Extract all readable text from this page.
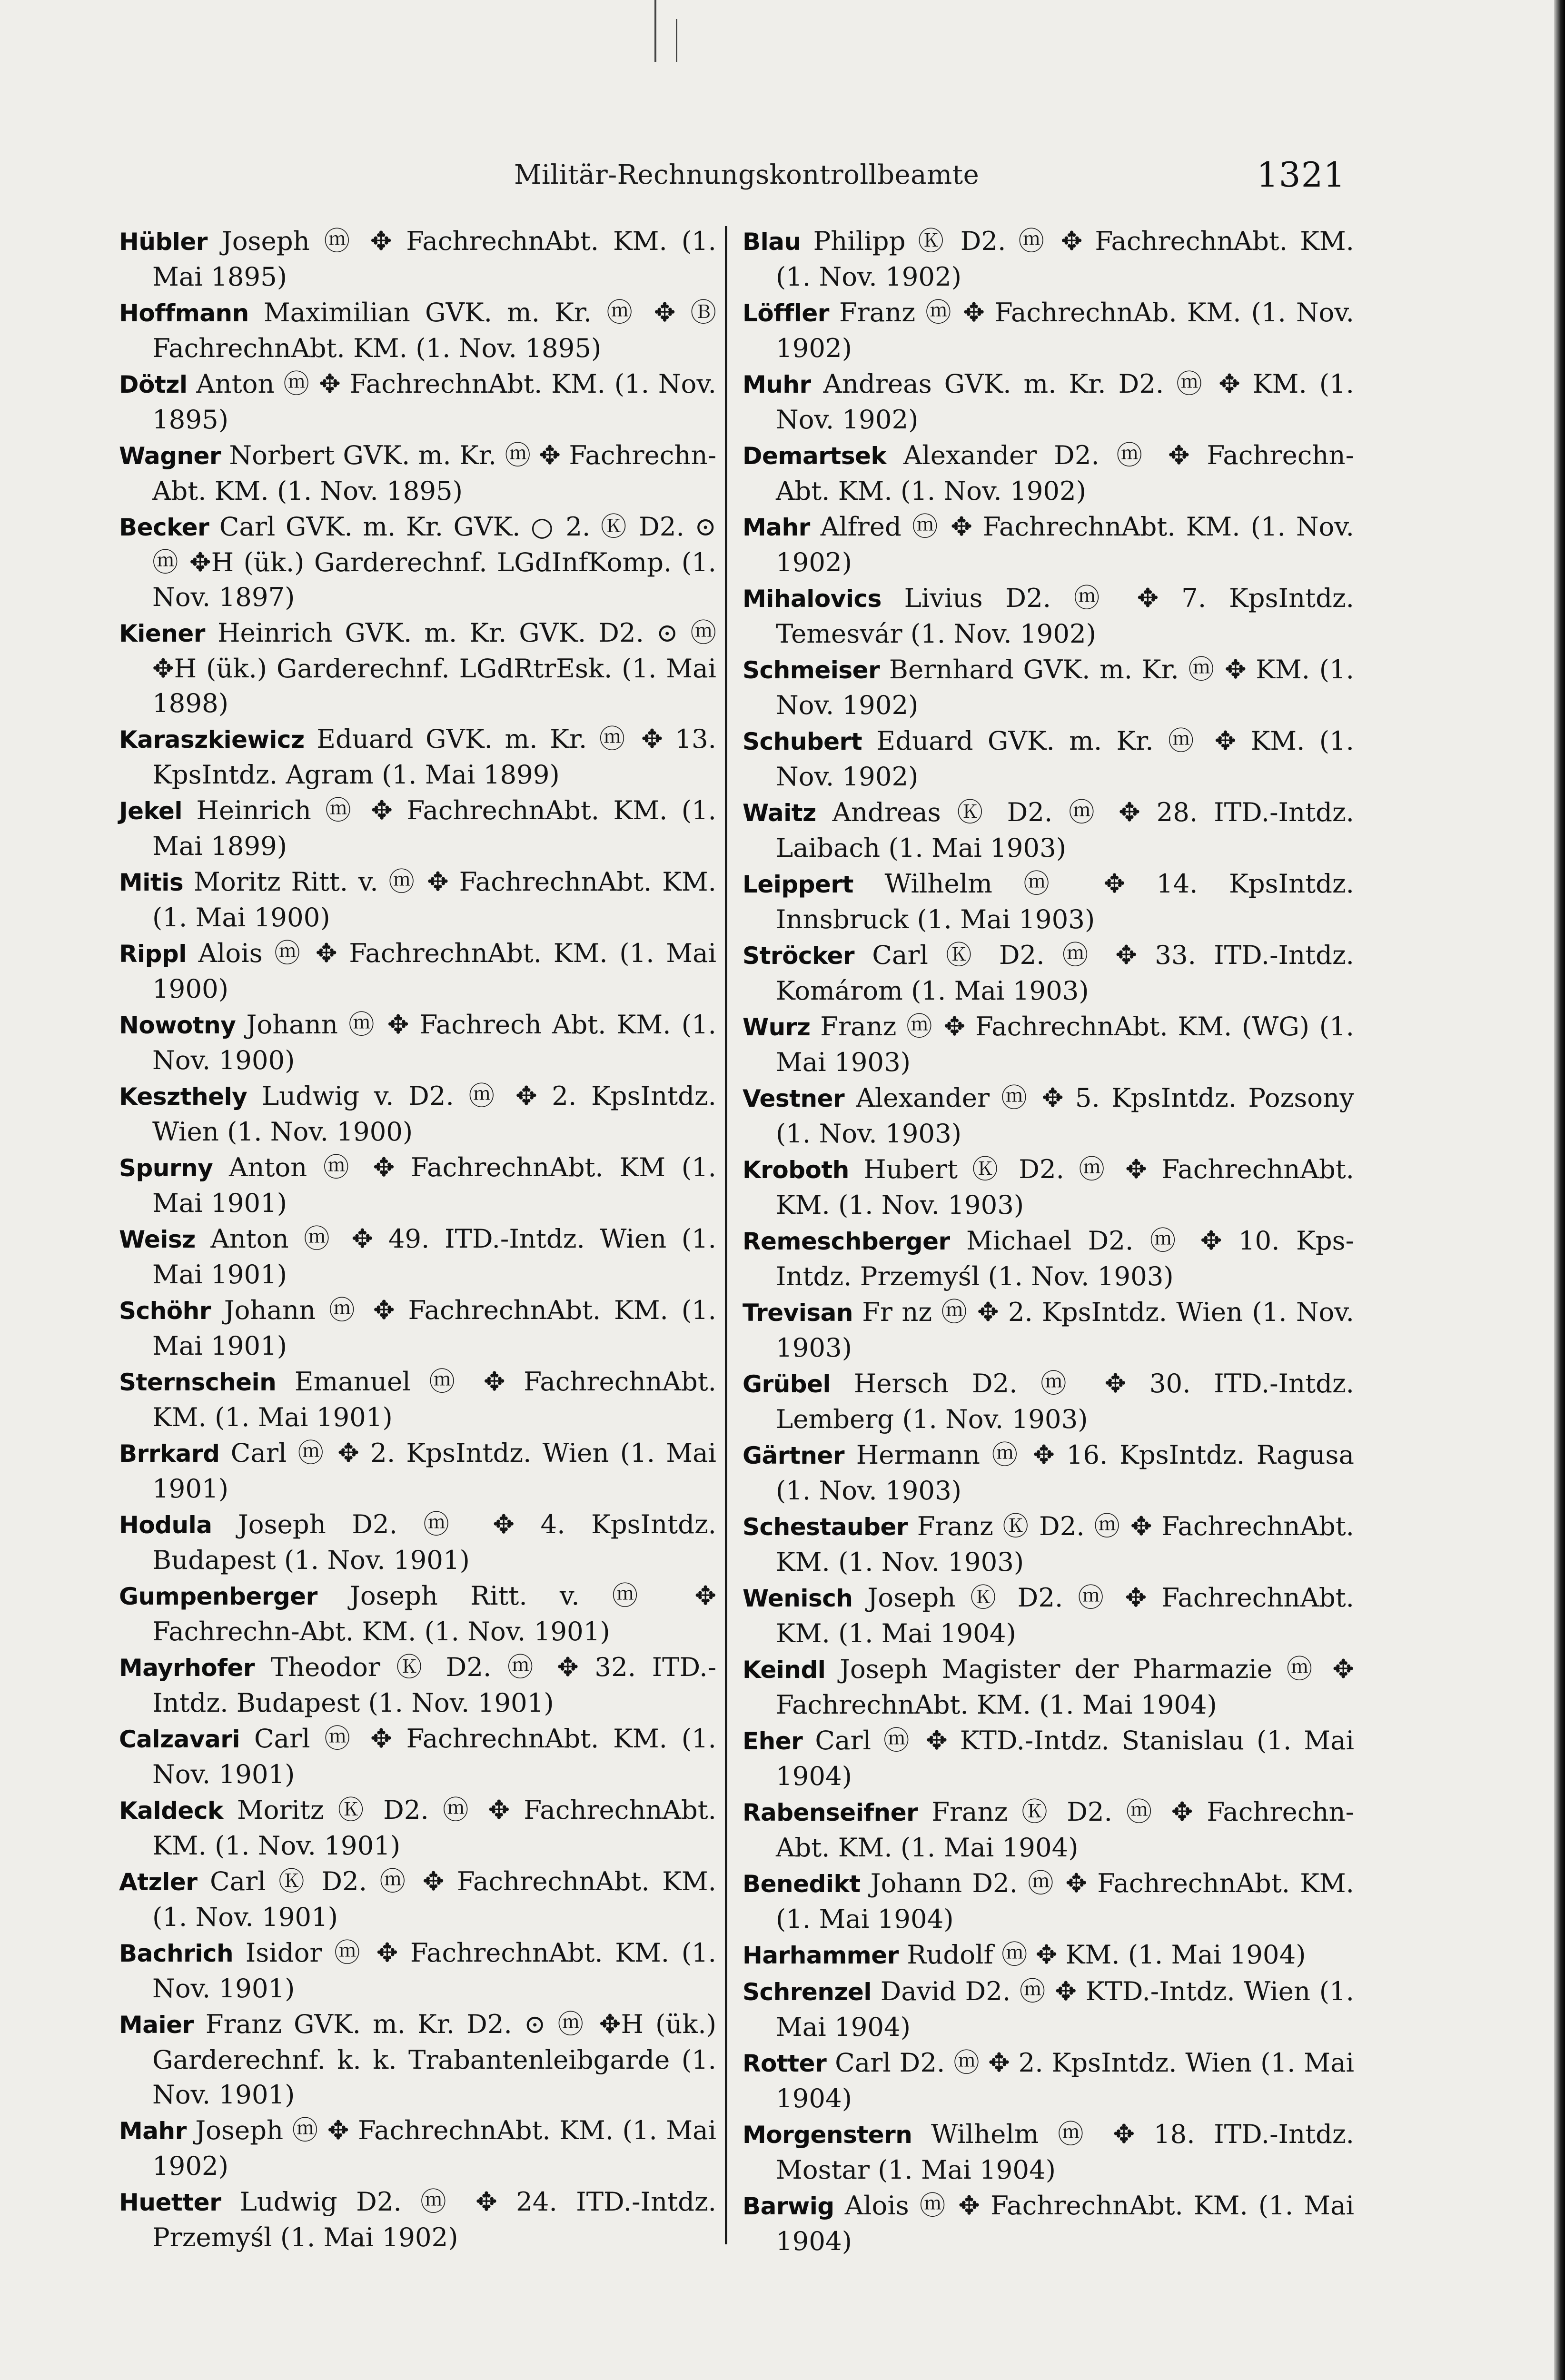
Militär-Rechnungskontrollbeamte	1321
Hübler Joseph ⓜ ✥ FachrechnAbt. KM. (1. Mai 1895)
Hoffmann Maximilian GVK. m. Kr. ⓜ ✥ Ⓑ FachrechnAbt. KM. (1. Nov. 1895)
Dötzl Anton ⓜ ✥ FachrechnAbt. KM. (1. Nov. 1895)
Wagner Norbert GVK. m. Kr. ⓜ ✥ Fachrechn-Abt. KM. (1. Nov. 1895)
Becker Carl GVK. m. Kr. GVK. ○ 2. Ⓚ D2. ⊙ ⓜ ✥H (ük.) Garderechnf. LGdInfKomp. (1. Nov. 1897)
Kiener Heinrich GVK. m. Kr. GVK. D2. ⊙ ⓜ ✥H (ük.) Garderechnf. LGdRtrEsk. (1. Mai 1898)
Karaszkiewicz Eduard GVK. m. Kr. ⓜ ✥ 13. KpsIntdz. Agram (1. Mai 1899)
Jekel Heinrich ⓜ ✥ FachrechnAbt. KM. (1. Mai 1899)
Mitis Moritz Ritt. v. ⓜ ✥ FachrechnAbt. KM. (1. Mai 1900)
Rippl Alois ⓜ ✥ FachrechnAbt. KM. (1. Mai 1900)
Nowotny Johann ⓜ ✥ Fachrech Abt. KM. (1. Nov. 1900)
Keszthely Ludwig v. D2. ⓜ ✥ 2. KpsIntdz. Wien (1. Nov. 1900)
Spurny Anton ⓜ ✥ FachrechnAbt. KM (1. Mai 1901)
Weisz Anton ⓜ ✥ 49. ITD.-Intdz. Wien (1. Mai 1901)
Schöhr Johann ⓜ ✥ FachrechnAbt. KM. (1. Mai 1901)
Sternschein Emanuel ⓜ ✥ FachrechnAbt. KM. (1. Mai 1901)
Brrkard Carl ⓜ ✥ 2. KpsIntdz. Wien (1. Mai 1901)
Hodula Joseph D2. ⓜ ✥ 4. KpsIntdz. Budapest (1. Nov. 1901)
Gumpenberger Joseph Ritt. v. ⓜ ✥ Fachrechn-Abt. KM. (1. Nov. 1901)
Mayrhofer Theodor Ⓚ D2. ⓜ ✥ 32. ITD.-Intdz. Budapest (1. Nov. 1901)
Calzavari Carl ⓜ ✥ FachrechnAbt. KM. (1. Nov. 1901)
Kaldeck Moritz Ⓚ D2. ⓜ ✥ FachrechnAbt. KM. (1. Nov. 1901)
Atzler Carl Ⓚ D2. ⓜ ✥ FachrechnAbt. KM. (1. Nov. 1901)
Bachrich Isidor ⓜ ✥ FachrechnAbt. KM. (1. Nov. 1901)
Maier Franz GVK. m. Kr. D2. ⊙ ⓜ ✥H (ük.) Garderechnf. k. k. Trabantenleibgarde (1. Nov. 1901)
Mahr Joseph ⓜ ✥ FachrechnAbt. KM. (1. Mai 1902)
Huetter Ludwig D2. ⓜ ✥ 24. ITD.-Intdz. Przemyśl (1. Mai 1902)
Blau Philipp Ⓚ D2. ⓜ ✥ FachrechnAbt. KM. (1. Nov. 1902)
Löffler Franz ⓜ ✥ FachrechnAb. KM. (1. Nov. 1902)
Muhr Andreas GVK. m. Kr. D2. ⓜ ✥ KM. (1. Nov. 1902)
Demartsek Alexander D2. ⓜ ✥ Fachrechn-Abt. KM. (1. Nov. 1902)
Mahr Alfred ⓜ ✥ FachrechnAbt. KM. (1. Nov. 1902)
Mihalovics Livius D2. ⓜ ✥ 7. KpsIntdz. Temesvár (1. Nov. 1902)
Schmeiser Bernhard GVK. m. Kr. ⓜ ✥ KM. (1. Nov. 1902)
Schubert Eduard GVK. m. Kr. ⓜ ✥ KM. (1. Nov. 1902)
Waitz Andreas Ⓚ D2. ⓜ ✥ 28. ITD.-Intdz. Laibach (1. Mai 1903)
Leippert Wilhelm ⓜ ✥ 14. KpsIntdz. Innsbruck (1. Mai 1903)
Ströcker Carl Ⓚ D2. ⓜ ✥ 33. ITD.-Intdz. Komárom (1. Mai 1903)
Wurz Franz ⓜ ✥ FachrechnAbt. KM. (WG) (1. Mai 1903)
Vestner Alexander ⓜ ✥ 5. KpsIntdz. Pozsony (1. Nov. 1903)
Kroboth Hubert Ⓚ D2. ⓜ ✥ FachrechnAbt. KM. (1. Nov. 1903)
Remeschberger Michael D2. ⓜ ✥ 10. Kps-Intdz. Przemyśl (1. Nov. 1903)
Trevisan Fr nz ⓜ ✥ 2. KpsIntdz. Wien (1. Nov. 1903)
Grübel Hersch D2. ⓜ ✥ 30. ITD.-Intdz. Lemberg (1. Nov. 1903)
Gärtner Hermann ⓜ ✥ 16. KpsIntdz. Ragusa (1. Nov. 1903)
Schestauber Franz Ⓚ D2. ⓜ ✥ FachrechnAbt. KM. (1. Nov. 1903)
Wenisch Joseph Ⓚ D2. ⓜ ✥ FachrechnAbt. KM. (1. Mai 1904)
Keindl Joseph Magister der Pharmazie ⓜ ✥ FachrechnAbt. KM. (1. Mai 1904)
Eher Carl ⓜ ✥ KTD.-Intdz. Stanislau (1. Mai 1904)
Rabenseifner Franz Ⓚ D2. ⓜ ✥ Fachrechn-Abt. KM. (1. Mai 1904)
Benedikt Johann D2. ⓜ ✥ FachrechnAbt. KM. (1. Mai 1904)
Harhammer Rudolf ⓜ ✥ KM. (1. Mai 1904)
Schrenzel David D2. ⓜ ✥ KTD.-Intdz. Wien (1. Mai 1904)
Rotter Carl D2. ⓜ ✥ 2. KpsIntdz. Wien (1. Mai 1904)
Morgenstern Wilhelm ⓜ ✥ 18. ITD.-Intdz. Mostar (1. Mai 1904)
Barwig Alois ⓜ ✥ FachrechnAbt. KM. (1. Mai 1904)
